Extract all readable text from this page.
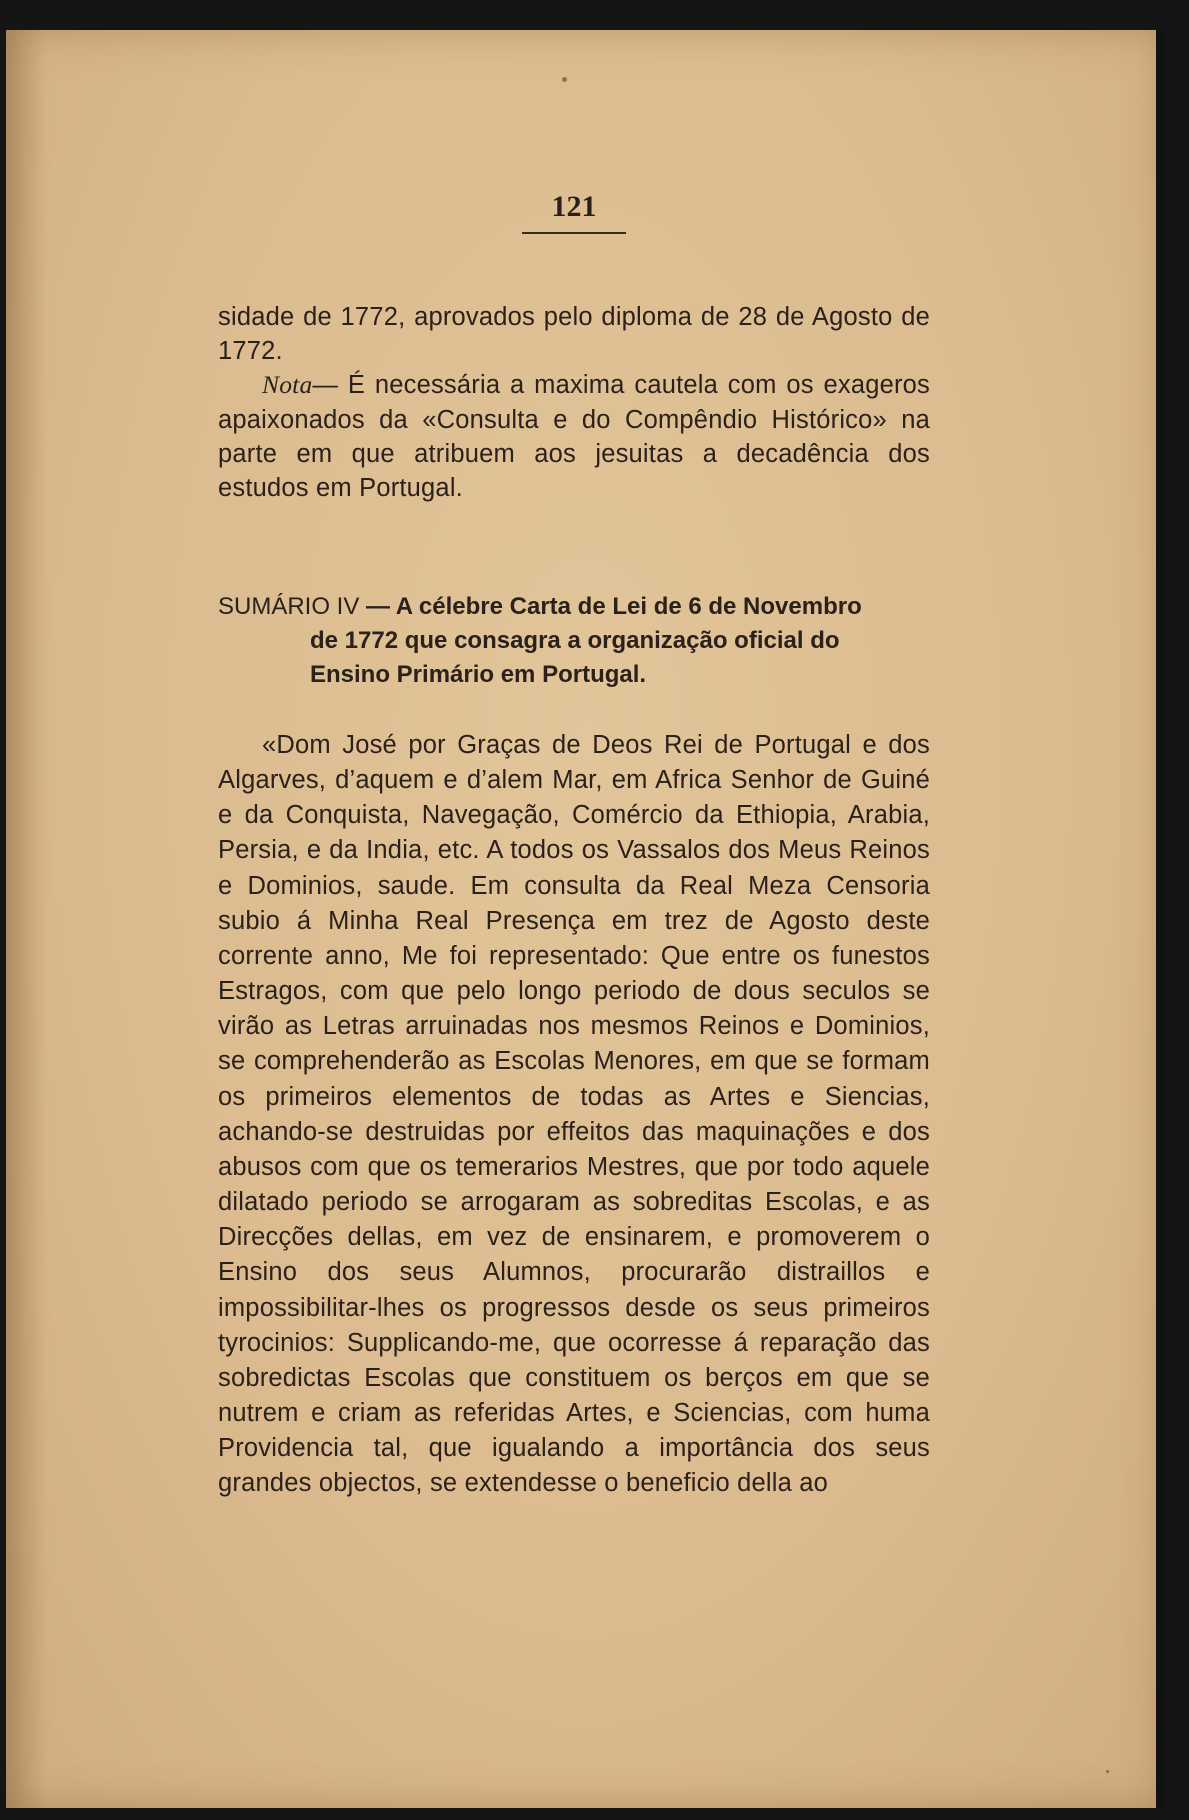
121

sidade de 1772, aprovados pelo diploma de 28 de Agosto de 1772.

Nota— É necessária a maxima cautela com os exageros apaixonados da «Consulta e do Compêndio Histórico» na parte em que atribuem aos jesuitas a decadência dos estudos em Portugal.

SUMÁRIO IV — A célebre Carta de Lei de 6 de Novembro
de 1772 que consagra a organização oficial do
Ensino Primário em Portugal.

«Dom José por Graças de Deos Rei de Portugal e dos Algarves, d’aquem e d’alem Mar, em Africa Senhor de Guiné e da Conquista, Navegação, Comércio da Ethiopia, Arabia, Persia, e da India, etc. A todos os Vassalos dos Meus Reinos e Dominios, saude. Em consulta da Real Meza Censoria subio á Minha Real Presença em trez de Agosto deste corrente anno, Me foi representado: Que entre os funestos Estragos, com que pelo longo periodo de dous seculos se virão as Letras arruinadas nos mesmos Reinos e Dominios, se comprehenderão as Escolas Menores, em que se formam os primeiros elementos de todas as Artes e Siencias, achando-se destruidas por effeitos das maquinações e dos abusos com que os temerarios Mestres, que por todo aquele dilatado periodo se arrogaram as sobreditas Escolas, e as Direcções dellas, em vez de ensinarem, e promoverem o Ensino dos seus Alumnos, procurarão distraillos e impossibilitar-lhes os progressos desde os seus primeiros tyrocinios: Supplicando-me, que ocorresse á reparação das sobredictas Escolas que constituem os berços em que se nutrem e criam as referidas Artes, e Sciencias, com huma Providencia tal, que igualando a importância dos seus grandes objectos, se extendesse o beneficio della ao
